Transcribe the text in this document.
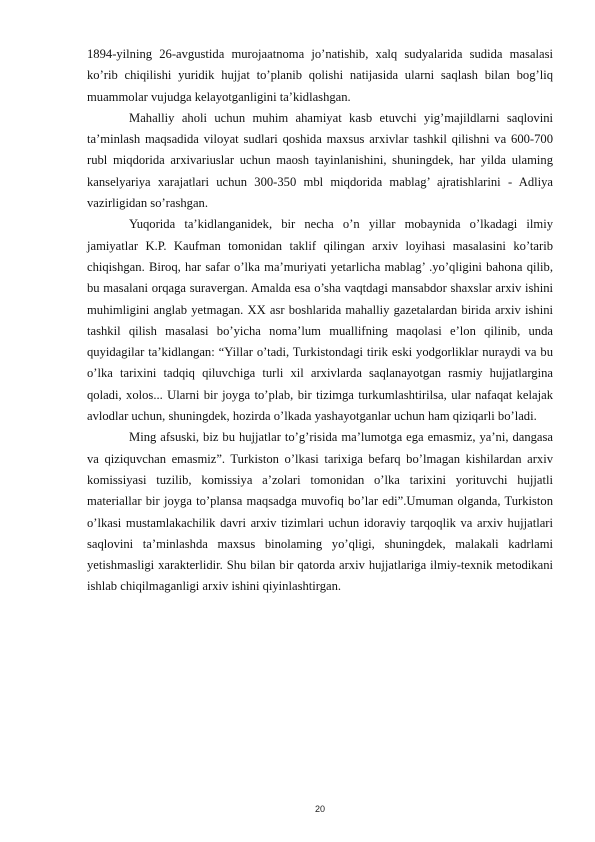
1894-yilning 26-avgustida murojaatnoma jo’natishib, xalq sudyalarida sudida masalasi ko’rib chiqilishi yuridik hujjat to’planib qolishi natijasida ularni saqlash bilan bog’liq muammolar vujudga kelayotganligini ta’kidlashgan.

Mahalliy aholi uchun muhim ahamiyat kasb etuvchi yig’majildlarni saqlovini ta’minlash maqsadida viloyat sudlari qoshida maxsus arxivlar tashkil qilishni va 600-700 rubl miqdorida arxivariuslar uchun maosh tayinlanishini, shuningdek, har yilda ulaming kanselyariya xarajatlari uchun 300-350 mbl miqdorida mablag’ ajratishlarini - Adliya vazirligidan so’rashgan.

Yuqorida ta’kidlanganidek, bir necha o’n yillar mobaynida o’lkadagi ilmiy jamiyatlar K.P. Kaufman tomonidan taklif qilingan arxiv loyihasi masalasini ko’tarib chiqishgan. Biroq, har safar o’lka ma’muriyati yetarlicha mablag’ .yo’qligini bahona qilib, bu masalani orqaga suravergan. Amalda esa o’sha vaqtdagi mansabdor shaxslar arxiv ishini muhimligini anglab yetmagan. XX asr boshlarida mahalliy gazetalardan birida arxiv ishini tashkil qilish masalasi bo’yicha noma’lum muallifning maqolasi e’lon qilinib, unda quyidagilar ta’kidlangan: “Yillar o’tadi, Turkistondagi tirik eski yodgorliklar nuraydi va bu o’lka tarixini tadqiq qiluvchiga turli xil arxivlarda saqlanayotgan rasmiy hujjatlargina qoladi, xolos... Ularni bir joyga to’plab, bir tizimga turkumlashtirilsa, ular nafaqat kelajak avlodlar uchun, shuningdek, hozirda o’lkada yashayotganlar uchun ham qiziqarli bo’ladi.

Ming afsuski, biz bu hujjatlar to’g’risida ma’lumotga ega emasmiz, ya’ni, dangasa va qiziquvchan emasmiz”. Turkiston o’lkasi tarixiga befarq bo’lmagan kishilardan arxiv komissiyasi tuzilib, komissiya a’zolari tomonidan o’lka tarixini yorituvchi hujjatli materiallar bir joyga to’plansa maqsadga muvofiq bo’lar edi”.Umuman olganda, Turkiston o’lkasi mustamlakachilik davri arxiv tizimlari uchun idoraviy tarqoqlik va arxiv hujjatlari saqlovini ta’minlashda maxsus binolaming yo’qligi, shuningdek, malakali kadrlami yetishmasligi xarakterlidir. Shu bilan bir qatorda arxiv hujjatlariga ilmiy-texnik metodikani ishlab chiqilmaganligi arxiv ishini qiyinlashtirgan.

20
